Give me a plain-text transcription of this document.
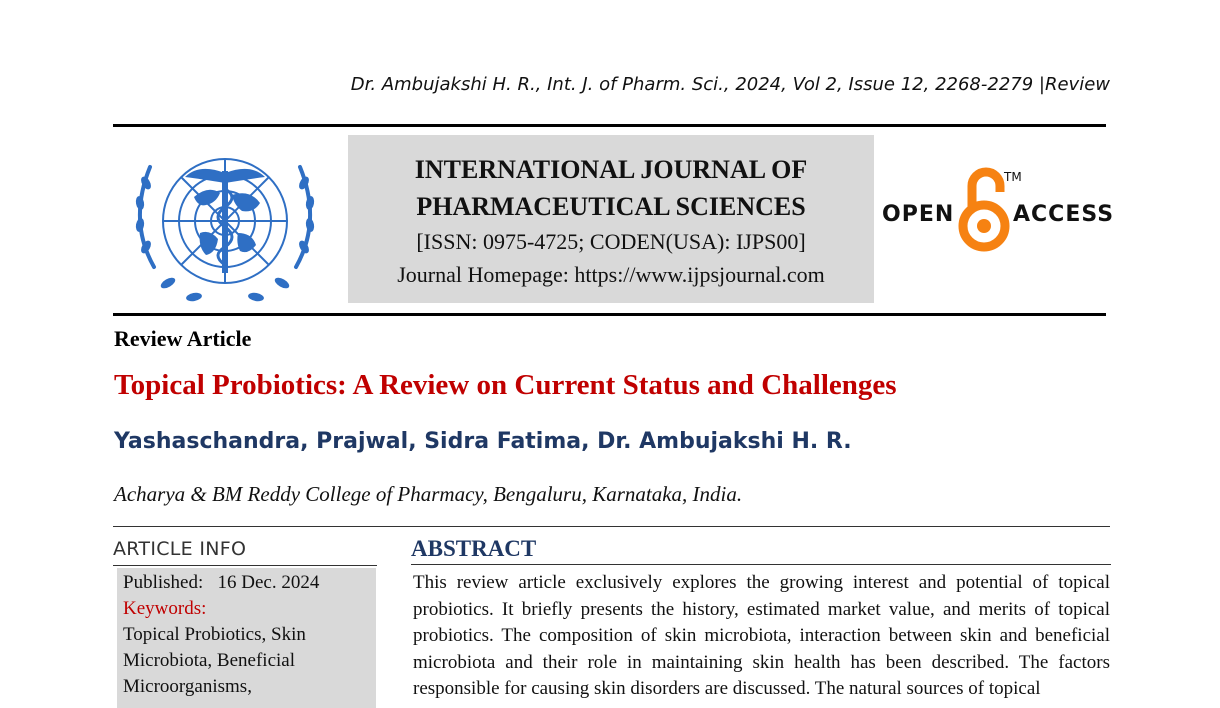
Dr. Ambujakshi H. R., Int. J. of Pharm. Sci., 2024, Vol 2, Issue 12, 2268-2279 |Review
INTERNATIONAL JOURNAL OF
PHARMACEUTICAL SCIENCES
[ISSN: 0975-4725; CODEN(USA): IJPS00]
Journal Homepage: https://www.ijpsjournal.com
OPEN
TM
ACCESS
Review Article
Topical Probiotics: A Review on Current Status and Challenges
Yashaschandra, Prajwal, Sidra Fatima, Dr. Ambujakshi H. R.
Acharya & BM Reddy College of Pharmacy, Bengaluru, Karnataka, India.
ARTICLE INFO
Published:   16 Dec. 2024
Keywords:
Topical Probiotics, Skin Microbiota, Beneficial Microorganisms,
ABSTRACT
This review article exclusively explores the growing interest and potential of topical probiotics. It briefly presents the history, estimated market value, and merits of topical probiotics. The composition of skin microbiota, interaction between skin and beneficial microbiota and their role in maintaining skin health has been described. The factors responsible for causing skin disorders are discussed. The natural sources of topical
